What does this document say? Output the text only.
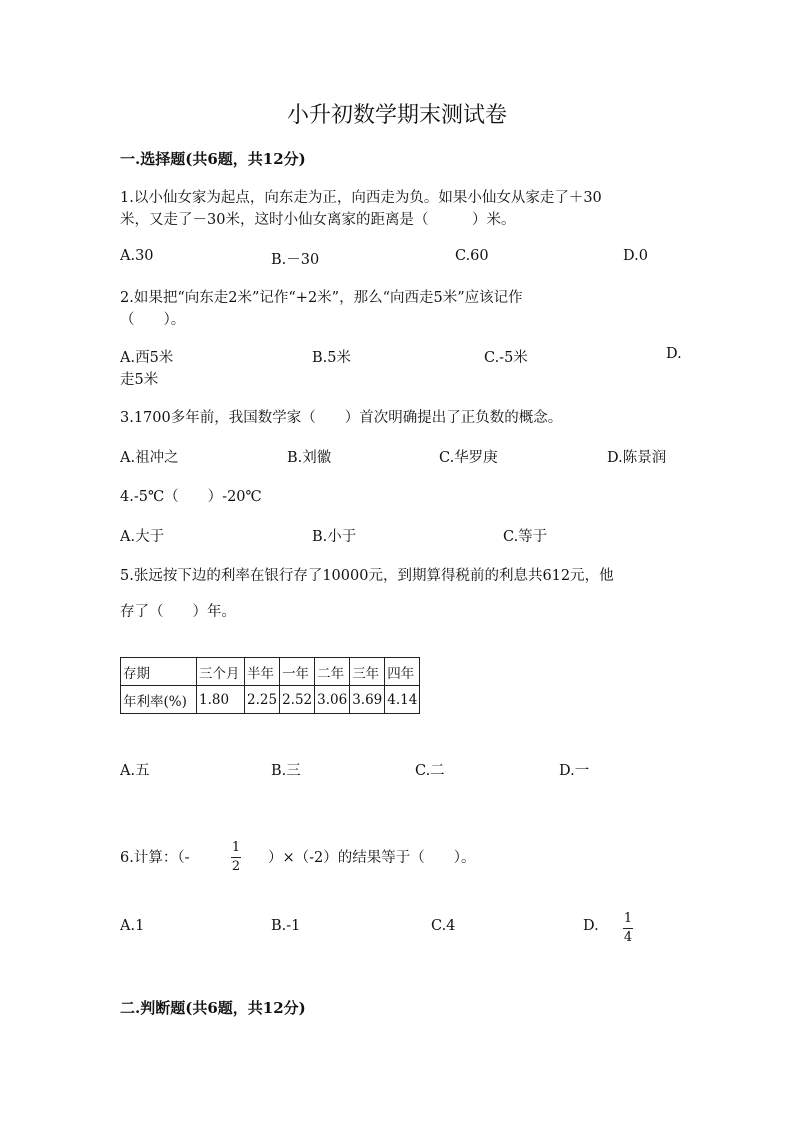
小升初数学期末测试卷
一.选择题(共6题，共12分)
1.以小仙女家为起点，向东走为正，向西走为负。如果小仙女从家走了＋30
米，又走了－30米，这时小仙女离家的距离是（　　　）米。
A.30	B.－30	C.60	D.0
2.如果把“向东走2米”记作“+2米”，那么“向西走5米”应该记作
（　　）。
A.西5米	B.5米	C.-5米	D.
走5米
3.1700多年前，我国数学家（　　）首次明确提出了正负数的概念。
A.祖冲之	B.刘徽	C.华罗庚	D.陈景润
4.-5℃（　　）-20℃
A.大于	B.小于	C.等于
5.张远按下边的利率在银行存了10000元，到期算得税前的利息共612元，他
存了（　　）年。
存期	三个月	半年	一年	二年	三年	四年
年利率(%)	1.80	2.25	2.52	3.06	3.69	4.14
A.五	B.三	C.二	D.一
6.计算：（-
1
2
）×（-2）的结果等于（　　）。
A.1	B.-1	C.4	D. 1
4
二.判断题(共6题，共12分)
